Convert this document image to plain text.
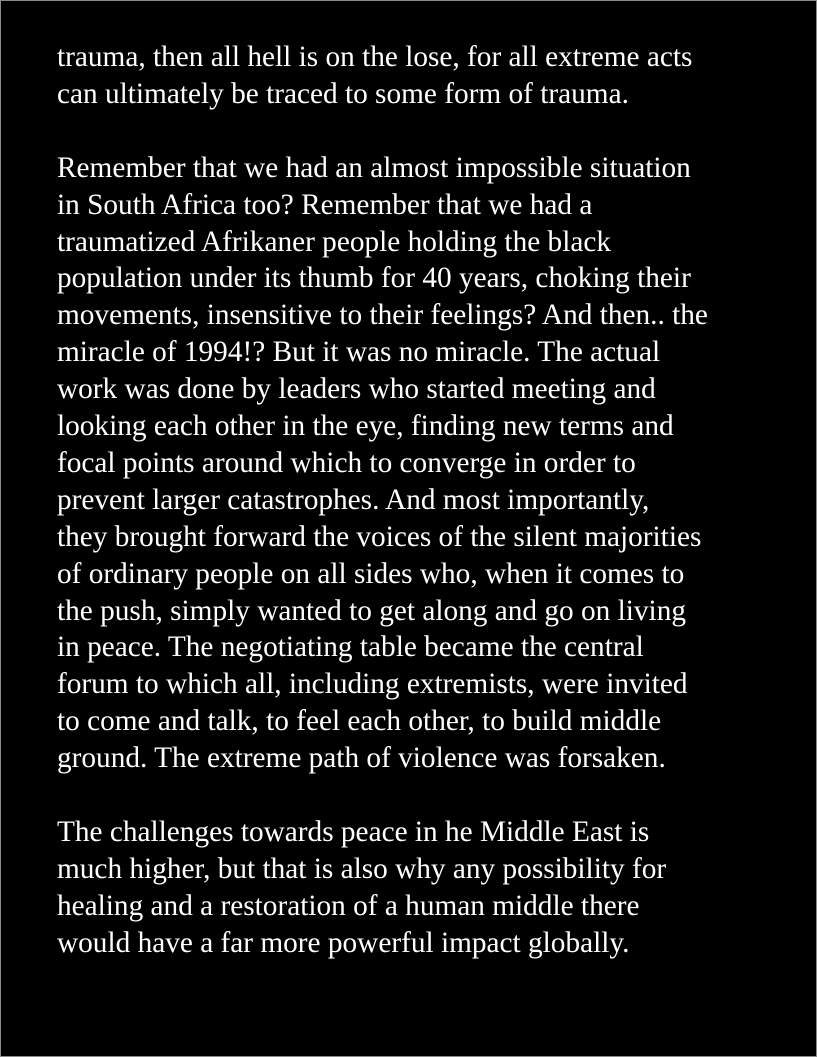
trauma, then all hell is on the lose, for all extreme acts
can ultimately be traced to some form of trauma.

Remember that we had an almost impossible situation
in South Africa too? Remember that we had a
traumatized Afrikaner people holding the black
population under its thumb for 40 years, choking their
movements, insensitive to their feelings? And then.. the
miracle of 1994!? But it was no miracle. The actual
work was done by leaders who started meeting and
looking each other in the eye, finding new terms and
focal points around which to converge in order to
prevent larger catastrophes. And most importantly,
they brought forward the voices of the silent majorities
of ordinary people on all sides who, when it comes to
the push, simply wanted to get along and go on living
in peace. The negotiating table became the central
forum to which all, including extremists, were invited
to come and talk, to feel each other, to build middle
ground. The extreme path of violence was forsaken.

The challenges towards peace in he Middle East is
much higher, but that is also why any possibility for
healing and a restoration of a human middle there
would have a far more powerful impact globally.
